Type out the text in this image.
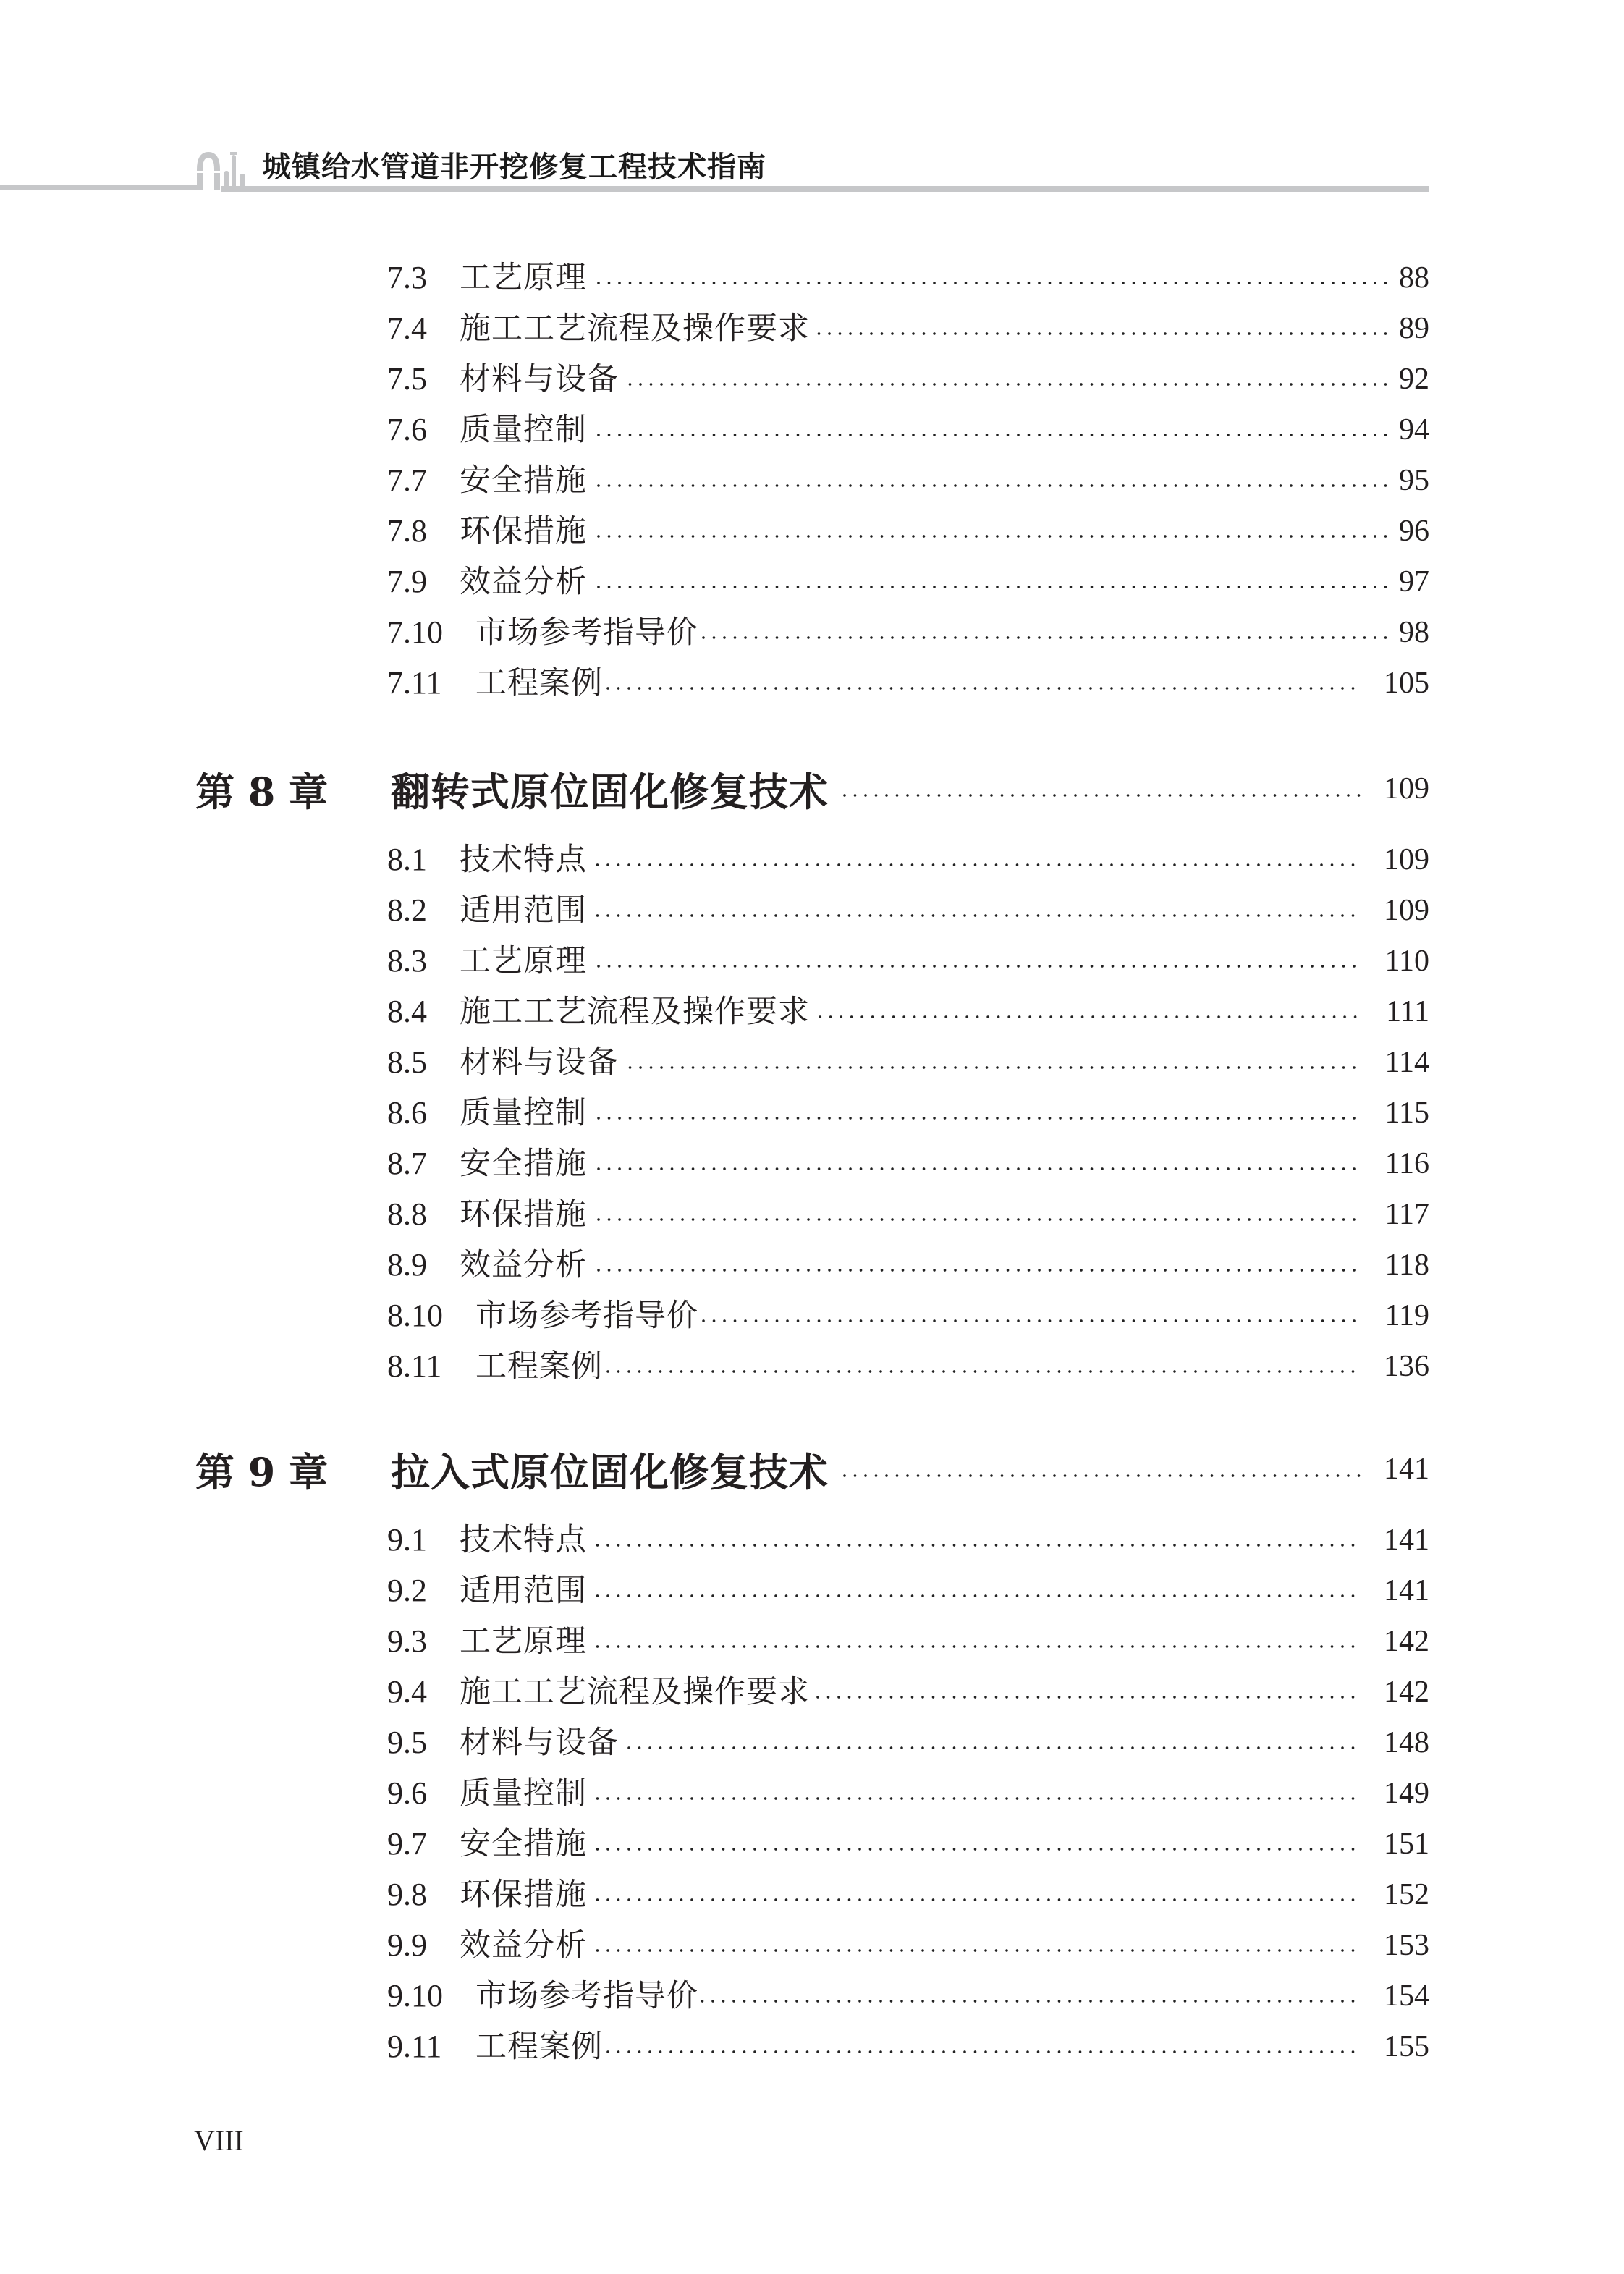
城镇给水管道非开挖修复工程技术指南
7.3	工艺原理	88
7.4	施工工艺流程及操作要求	89
7.5	材料与设备	92
7.6	质量控制	94
7.7	安全措施	95
7.8	环保措施	96
7.9	效益分析	97
7.10	市场参考指导价	98
7.11	工程案例	105
第 8 章	翻转式原位固化修复技术	109
8.1	技术特点	109
8.2	适用范围	109
8.3	工艺原理	110
8.4	施工工艺流程及操作要求	111
8.5	材料与设备	114
8.6	质量控制	115
8.7	安全措施	116
8.8	环保措施	117
8.9	效益分析	118
8.10	市场参考指导价	119
8.11	工程案例	136
第 9 章	拉入式原位固化修复技术	141
9.1	技术特点	141
9.2	适用范围	141
9.3	工艺原理	142
9.4	施工工艺流程及操作要求	142
9.5	材料与设备	148
9.6	质量控制	149
9.7	安全措施	151
9.8	环保措施	152
9.9	效益分析	153
9.10	市场参考指导价	154
9.11	工程案例	155
VIII
